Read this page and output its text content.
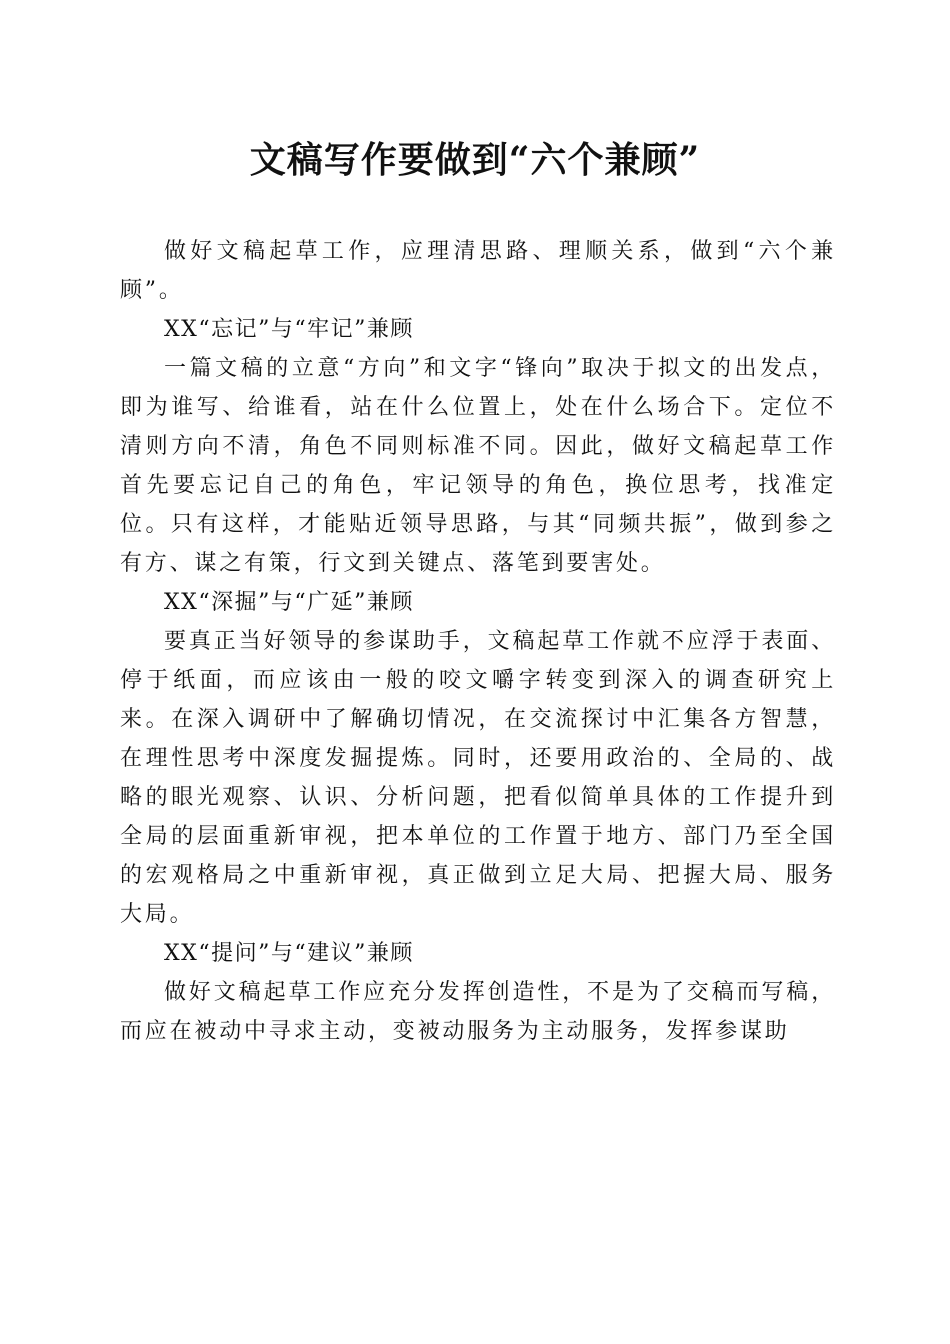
文稿写作要做到“六个兼顾”

做好文稿起草工作，应理清思路、理顺关系，做到“六个兼顾”。

XX“忘记”与“牢记”兼顾

一篇文稿的立意“方向”和文字“锋向”取决于拟文的出发点，即为谁写、给谁看，站在什么位置上，处在什么场合下。定位不清则方向不清，角色不同则标准不同。因此，做好文稿起草工作首先要忘记自己的角色，牢记领导的角色，换位思考，找准定位。只有这样，才能贴近领导思路，与其“同频共振”，做到参之有方、谋之有策，行文到关键点、落笔到要害处。

XX“深掘”与“广延”兼顾

要真正当好领导的参谋助手，文稿起草工作就不应浮于表面、停于纸面，而应该由一般的咬文嚼字转变到深入的调查研究上来。在深入调研中了解确切情况，在交流探讨中汇集各方智慧，在理性思考中深度发掘提炼。同时，还要用政治的、全局的、战略的眼光观察、认识、分析问题，把看似简单具体的工作提升到全局的层面重新审视，把本单位的工作置于地方、部门乃至全国的宏观格局之中重新审视，真正做到立足大局、把握大局、服务大局。

XX“提问”与“建议”兼顾

做好文稿起草工作应充分发挥创造性，不是为了交稿而写稿，而应在被动中寻求主动，变被动服务为主动服务，发挥参谋助
